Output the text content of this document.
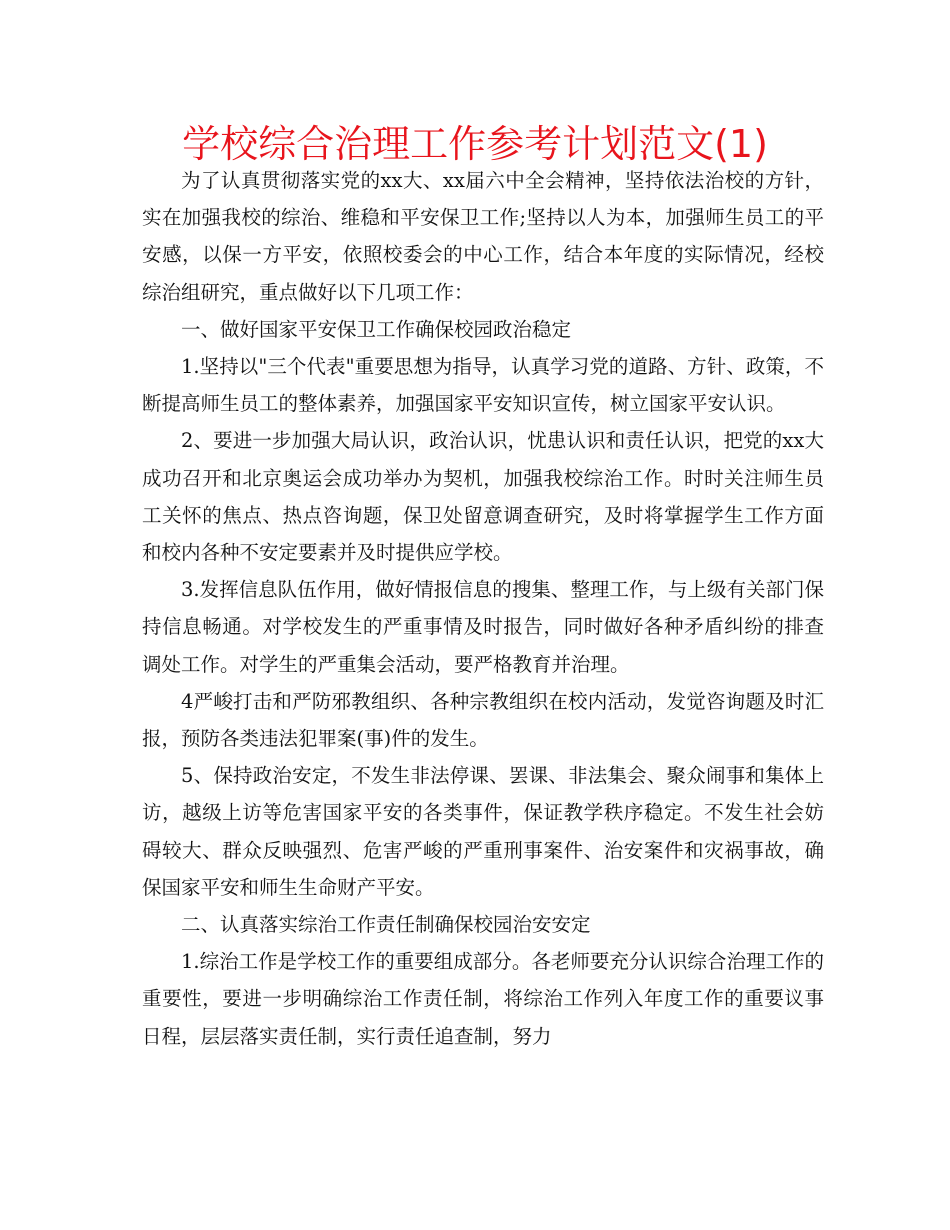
学校综合治理工作参考计划范文(1)

为了认真贯彻落实党的xx大、xx届六中全会精神，坚持依法治校的方针，实在加强我校的综治、维稳和平安保卫工作;坚持以人为本，加强师生员工的平安感，以保一方平安，依照校委会的中心工作，结合本年度的实际情况，经校综治组研究，重点做好以下几项工作：

一、做好国家平安保卫工作确保校园政治稳定

1.坚持以"三个代表"重要思想为指导，认真学习党的道路、方针、政策，不断提高师生员工的整体素养，加强国家平安知识宣传，树立国家平安认识。

2、要进一步加强大局认识，政治认识，忧患认识和责任认识，把党的xx大成功召开和北京奥运会成功举办为契机，加强我校综治工作。时时关注师生员工关怀的焦点、热点咨询题，保卫处留意调查研究，及时将掌握学生工作方面和校内各种不安定要素并及时提供应学校。

3.发挥信息队伍作用，做好情报信息的搜集、整理工作，与上级有关部门保持信息畅通。对学校发生的严重事情及时报告，同时做好各种矛盾纠纷的排查调处工作。对学生的严重集会活动，要严格教育并治理。

4严峻打击和严防邪教组织、各种宗教组织在校内活动，发觉咨询题及时汇报，预防各类违法犯罪案(事)件的发生。

5、保持政治安定，不发生非法停课、罢课、非法集会、聚众闹事和集体上访，越级上访等危害国家平安的各类事件，保证教学秩序稳定。不发生社会妨碍较大、群众反映强烈、危害严峻的严重刑事案件、治安案件和灾祸事故，确保国家平安和师生生命财产平安。

二、认真落实综治工作责任制确保校园治安安定

1.综治工作是学校工作的重要组成部分。各老师要充分认识综合治理工作的重要性，要进一步明确综治工作责任制，将综治工作列入年度工作的重要议事日程，层层落实责任制，实行责任追查制，努力
